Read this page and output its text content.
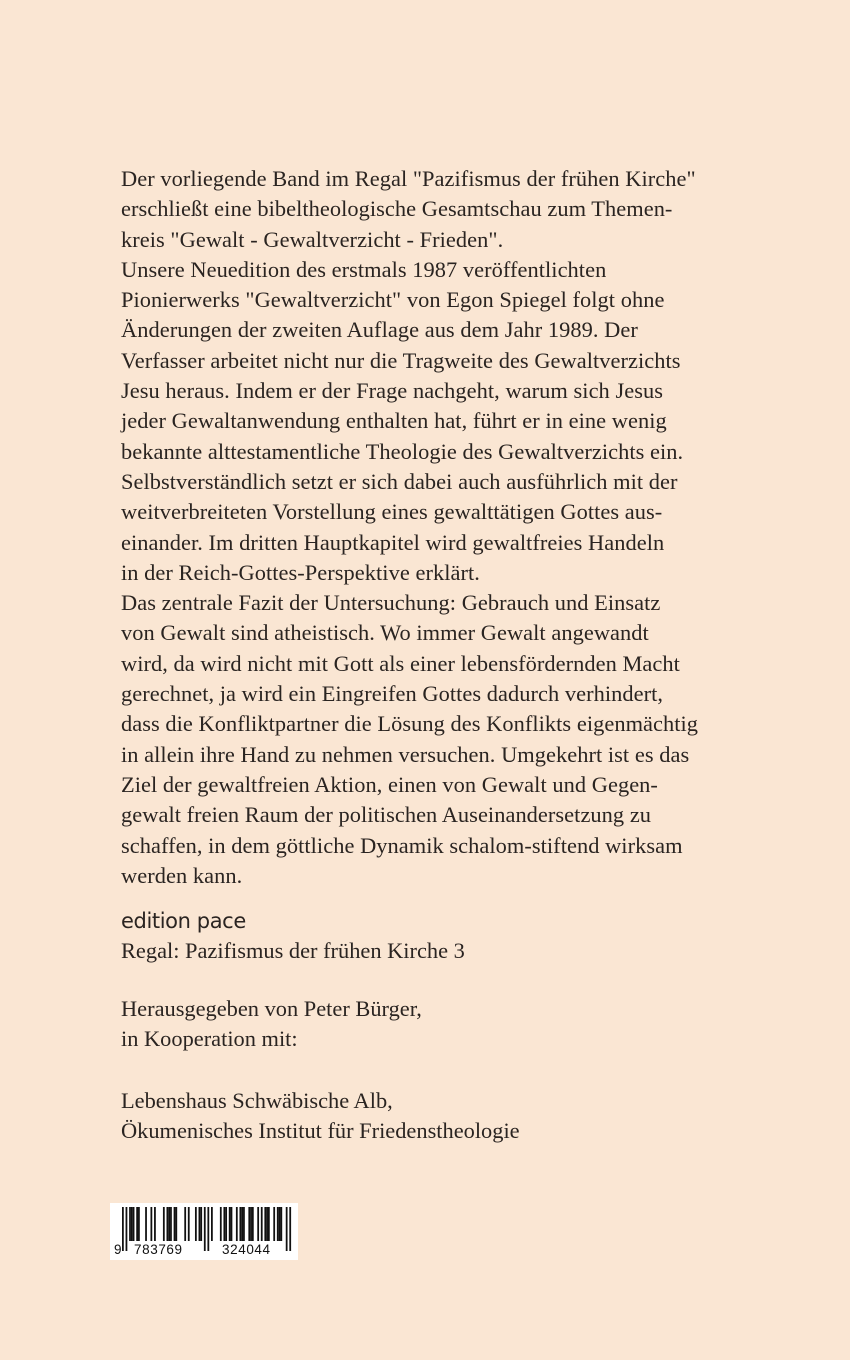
Der vorliegende Band im Regal "Pazifismus der frühen Kirche"
erschließt eine bibeltheologische Gesamtschau zum Themen-
kreis "Gewalt - Gewaltverzicht - Frieden".
Unsere Neuedition des erstmals 1987 veröffentlichten
Pionierwerks "Gewaltverzicht" von Egon Spiegel folgt ohne
Änderungen der zweiten Auflage aus dem Jahr 1989. Der
Verfasser arbeitet nicht nur die Tragweite des Gewaltverzichts
Jesu heraus. Indem er der Frage nachgeht, warum sich Jesus
jeder Gewaltanwendung enthalten hat, führt er in eine wenig
bekannte alttestamentliche Theologie des Gewaltverzichts ein.
Selbstverständlich setzt er sich dabei auch ausführlich mit der
weitverbreiteten Vorstellung eines gewalttätigen Gottes aus-
einander. Im dritten Hauptkapitel wird gewaltfreies Handeln
in der Reich-Gottes-Perspektive erklärt.
Das zentrale Fazit der Untersuchung: Gebrauch und Einsatz
von Gewalt sind atheistisch. Wo immer Gewalt angewandt
wird, da wird nicht mit Gott als einer lebensfördernden Macht
gerechnet, ja wird ein Eingreifen Gottes dadurch verhindert,
dass die Konfliktpartner die Lösung des Konflikts eigenmächtig
in allein ihre Hand zu nehmen versuchen. Umgekehrt ist es das
Ziel der gewaltfreien Aktion, einen von Gewalt und Gegen-
gewalt freien Raum der politischen Auseinandersetzung zu
schaffen, in dem göttliche Dynamik schalom-stiftend wirksam
werden kann.
edition pace
Regal: Pazifismus der frühen Kirche 3
Herausgegeben von Peter Bürger,
in Kooperation mit:
Lebenshaus Schwäbische Alb,
Ökumenisches Institut für Friedenstheologie
9 783769	324044
